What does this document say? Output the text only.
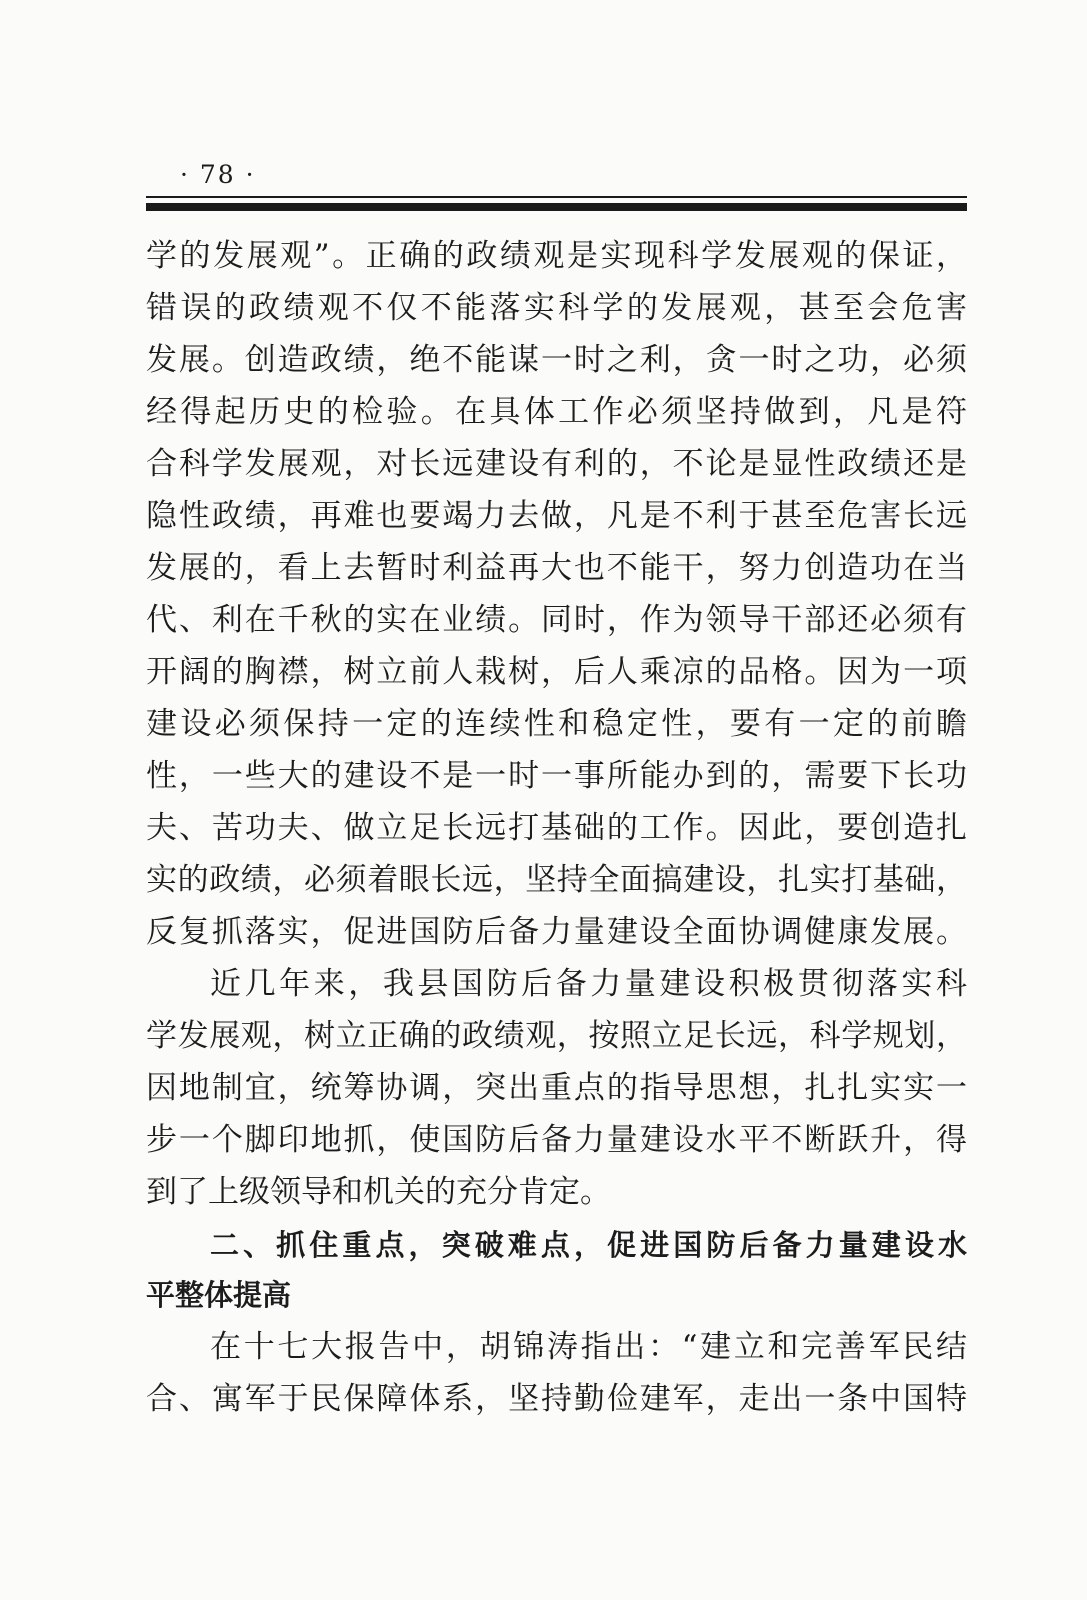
· 78 ·
学的发展观”。正确的政绩观是实现科学发展观的保证，
错误的政绩观不仅不能落实科学的发展观，甚至会危害
发展。创造政绩，绝不能谋一时之利，贪一时之功，必须
经得起历史的检验。在具体工作必须坚持做到，凡是符
合科学发展观，对长远建设有利的，不论是显性政绩还是
隐性政绩，再难也要竭力去做，凡是不利于甚至危害长远
发展的，看上去暂时利益再大也不能干，努力创造功在当
代、利在千秋的实在业绩。同时，作为领导干部还必须有
开阔的胸襟，树立前人栽树，后人乘凉的品格。因为一项
建设必须保持一定的连续性和稳定性，要有一定的前瞻
性，一些大的建设不是一时一事所能办到的，需要下长功
夫、苦功夫、做立足长远打基础的工作。因此，要创造扎
实的政绩，必须着眼长远，坚持全面搞建设，扎实打基础，
反复抓落实，促进国防后备力量建设全面协调健康发展。
近几年来，我县国防后备力量建设积极贯彻落实科
学发展观，树立正确的政绩观，按照立足长远，科学规划，
因地制宜，统筹协调，突出重点的指导思想，扎扎实实一
步一个脚印地抓，使国防后备力量建设水平不断跃升，得
到了上级领导和机关的充分肯定。
二、抓住重点，突破难点，促进国防后备力量建设水
平整体提高
在十七大报告中，胡锦涛指出：“建立和完善军民结
合、寓军于民保障体系，坚持勤俭建军，走出一条中国特
